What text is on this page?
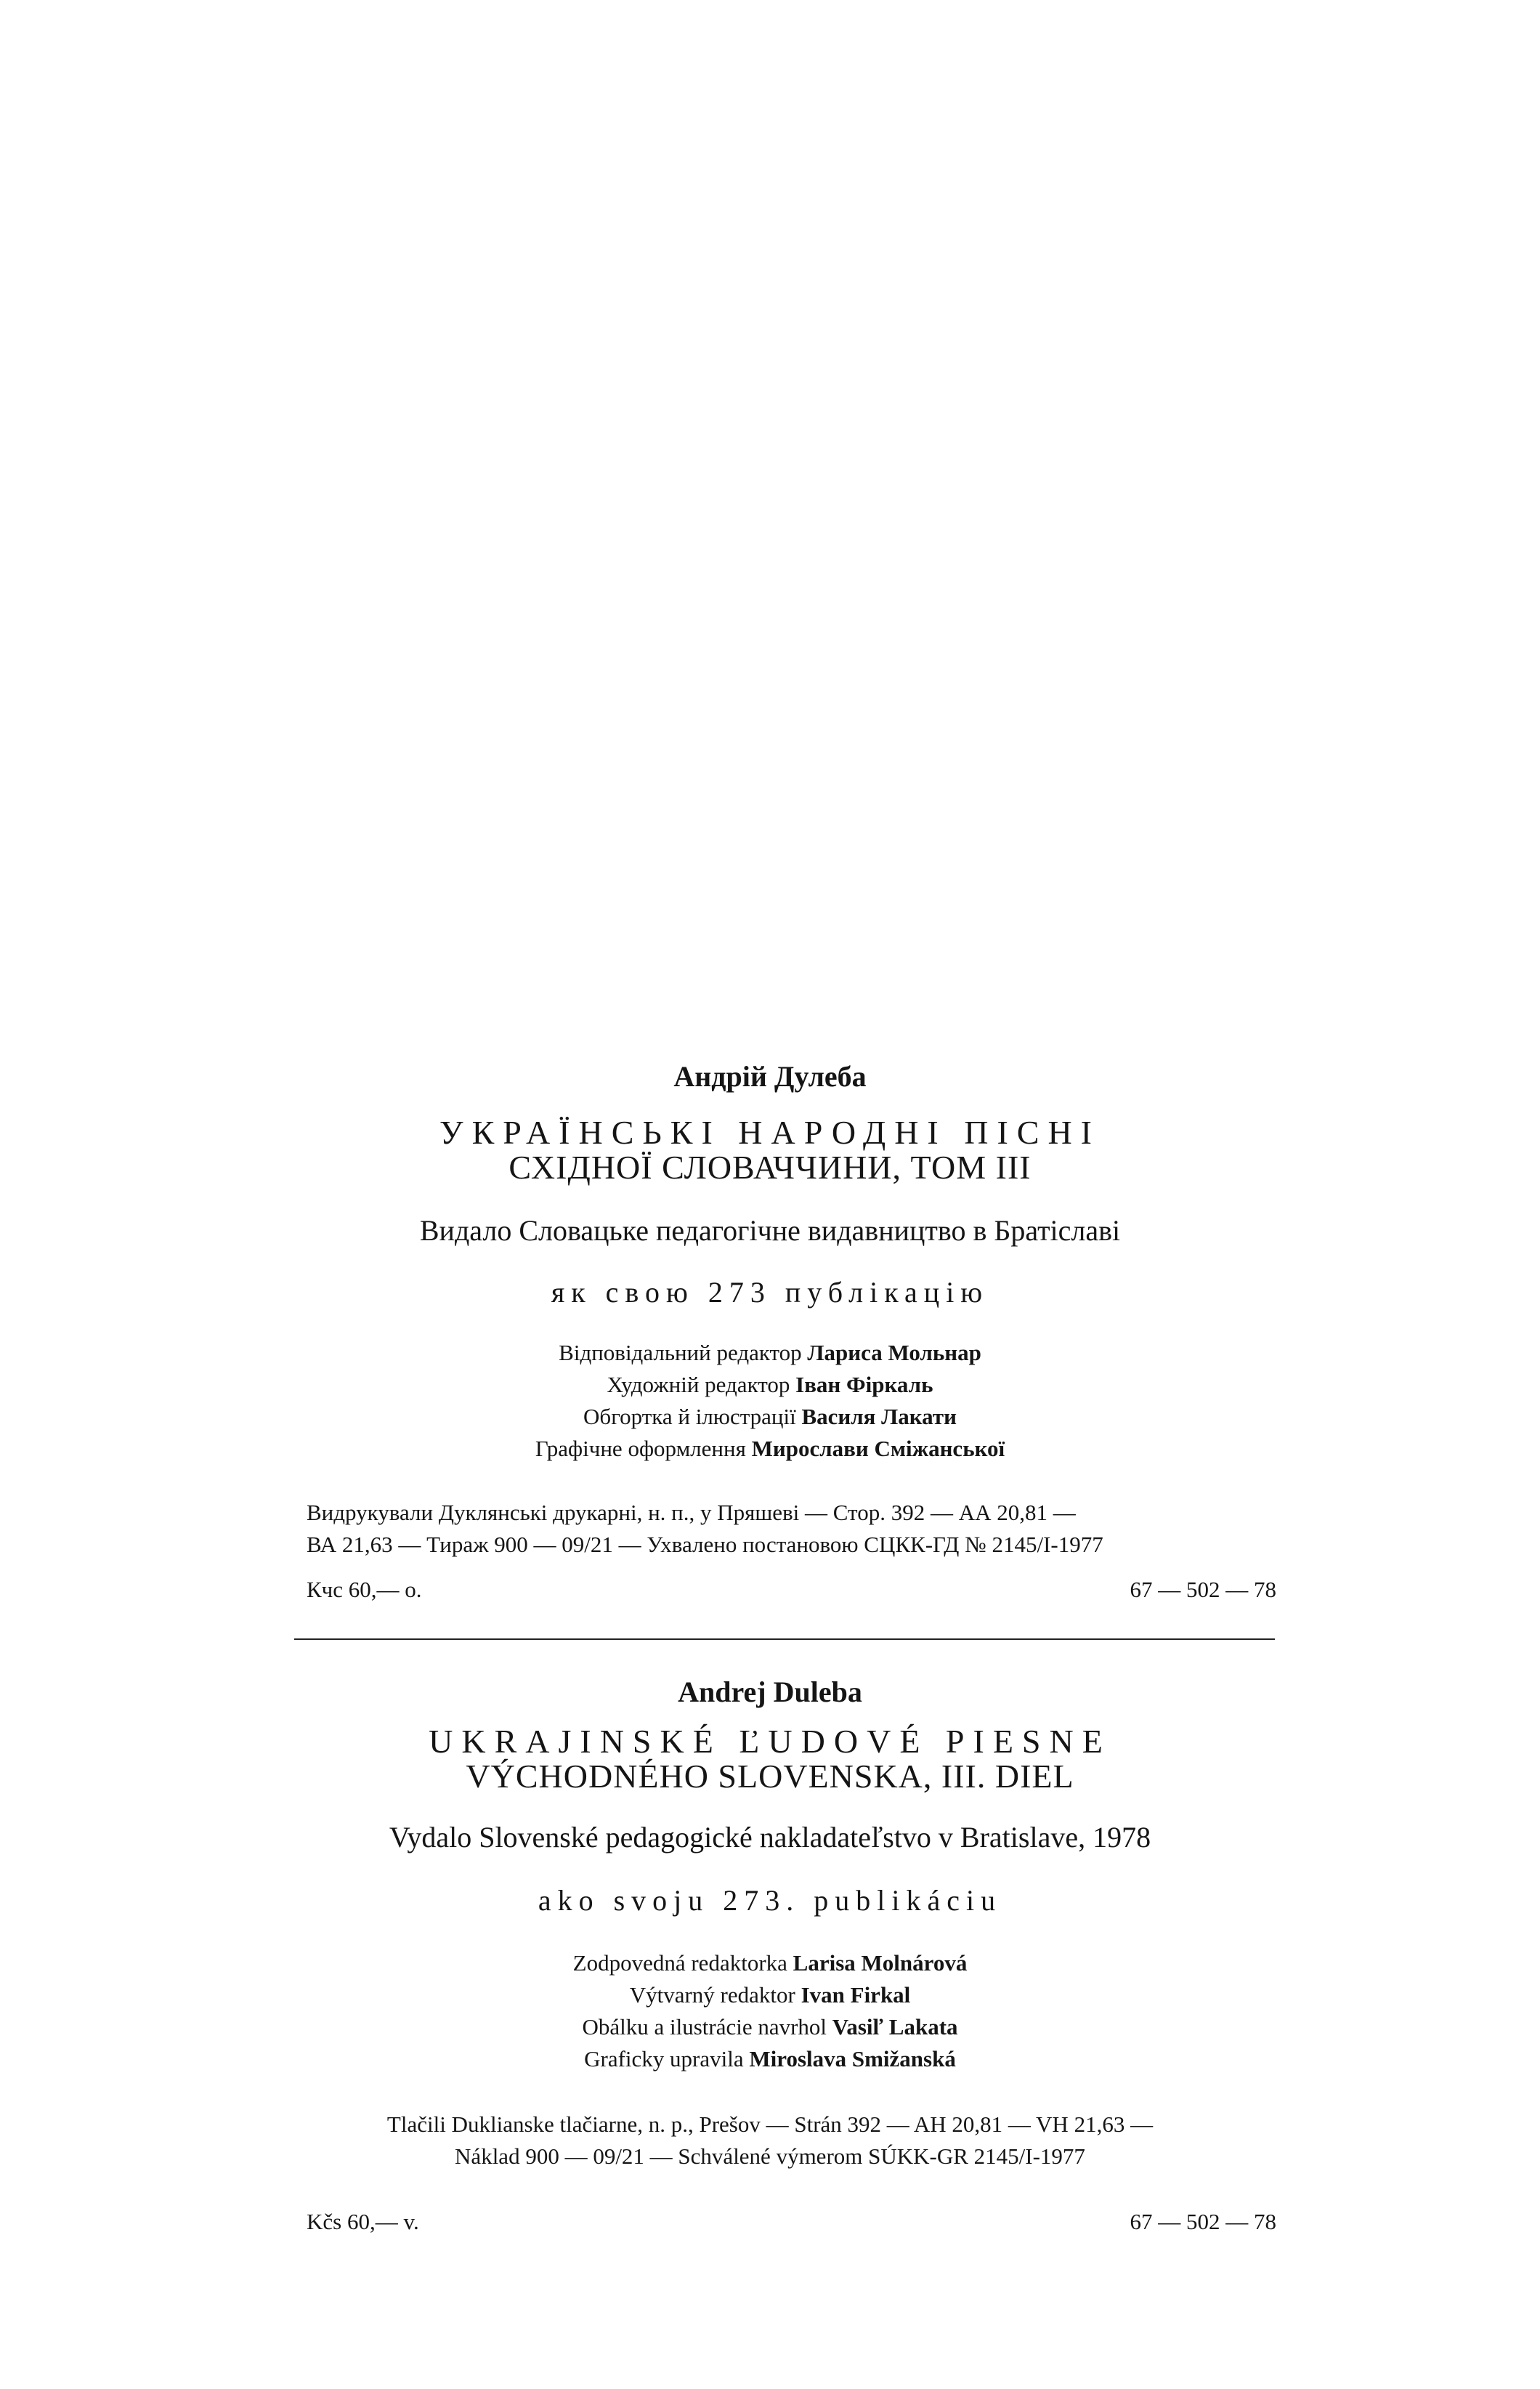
Андрій Дулеба
УКРАЇНСЬКІ НАРОДНІ ПІСНІ
СХІДНОЇ СЛОВАЧЧИНИ, ТОМ ІІІ
Видало Словацьке педагогічне видавництво в Братіславі
як свою 273 публікацію
Відповідальний редактор Лариса Мольнар
Художній редактор Іван Фіркаль
Обгортка й ілюстрації Василя Лакати
Графічне оформлення Мирослави Сміжанської
Видрукували Дуклянські друкарні, н. п., у Пряшеві — Стор. 392 — АА 20,81 —
ВА 21,63 — Тираж 900 — 09/21 — Ухвалено постановою СЦКК-ГД № 2145/І-1977
Кчс 60,— о.	67 — 502 — 78
Andrej Duleba
UKRAJINSKÉ ĽUDOVÉ PIESNE
VÝCHODNÉHO SLOVENSKA, III. DIEL
Vydalo Slovenské pedagogické nakladateľstvo v Bratislave, 1978
ako svoju 273. publikáciu
Zodpovedná redaktorka Larisa Molnárová
Výtvarný redaktor Ivan Firkal
Obálku a ilustrácie navrhol Vasiľ Lakata
Graficky upravila Miroslava Smižanská
Tlačili Duklianske tlačiarne, n. p., Prešov — Strán 392 — AH 20,81 — VH 21,63 —
Náklad 900 — 09/21 — Schválené výmerom SÚKK-GR 2145/I-1977
Kčs 60,— v.	67 — 502 — 78
